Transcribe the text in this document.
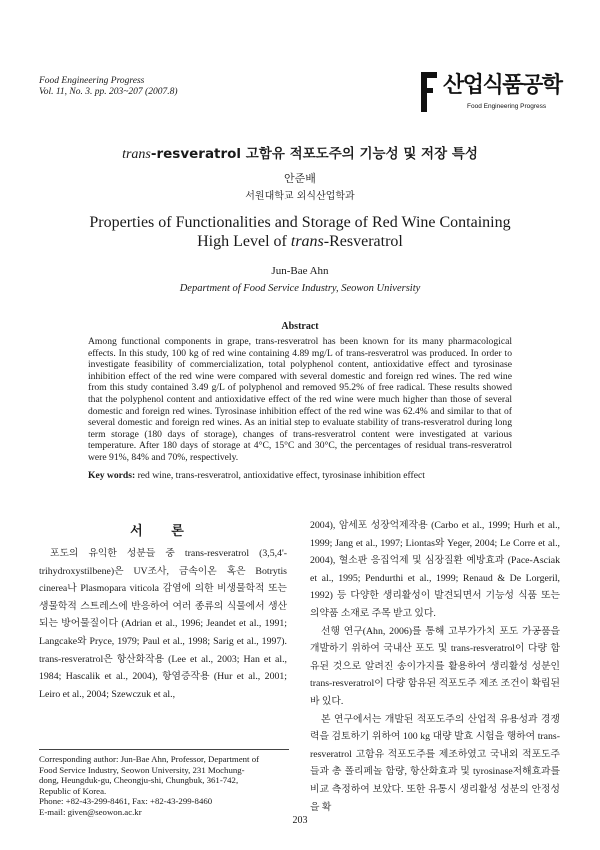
Food Engineering Progress
Vol. 11, No. 3. pp. 203~207 (2007.8)	산업식품공학
Food Engineering Progress
trans-resveratrol 고함유 적포도주의 기능성 및 저장 특성
안준배
서원대학교 외식산업학과
Properties of Functionalities and Storage of Red Wine Containing
High Level of trans-Resveratrol
Jun-Bae Ahn
Department of Food Service Industry, Seowon University
Abstract
Among functional components in grape, trans-resveratrol has been known for its many pharmacological effects. In this study, 100 kg of red wine containing 4.89 mg/L of trans-resveratrol was produced. In order to investigate feasibility of commercialization, total polyphenol content, antioxidative effect and tyrosinase inhibition effect of the red wine were compared with several domestic and foreign red wines. The red wine from this study contained 3.49 g/L of polyphenol and removed 95.2% of free radical. These results showed that the polyphenol content and antioxidative effect of the red wine were much higher than those of several domestic and foreign red wines. Tyrosinase inhibition effect of the red wine was 62.4% and similar to that of several domestic and foreign red wines. As an initial step to evaluate stability of trans-resveratrol during long term storage (180 days of storage), changes of trans-resveratrol content were investigated at various temperature. After 180 days of storage at 4°C, 15°C and 30°C, the percentages of residual trans-resveratrol were 91%, 84% and 70%, respectively.
Key words: red wine, trans-resveratrol, antioxidative effect, tyrosinase inhibition effect
서 론

포도의 유익한 성분들 중 trans-resveratrol (3,5,4'-trihydroxystilbene)은 UV조사, 금속이온 혹은 Botrytis cinerea나 Plasmopara viticola 감염에 의한 비생물학적 또는 생물학적 스트레스에 반응하여 여러 종류의 식물에서 생산되는 방어물질이다 (Adrian et al., 1996; Jeandet et al., 1991; Langcake와 Pryce, 1979; Paul et al., 1998; Sarig et al., 1997). trans-resveratrol은 항산화작용 (Lee et al., 2003; Han et al., 1984; Hascalik et al., 2004), 항염증작용 (Hur et al., 2001; Leiro et al., 2004; Szewczuk et al.,

2004), 암세포 성장억제작용 (Carbo et al., 1999; Hurh et al., 1999; Jang et al., 1997; Liontas와 Yeger, 2004; Le Corre et al., 2004), 혈소판 응집억제 및 심장질환 예방효과 (Pace-Asciak et al., 1995; Pendurthi et al., 1999; Renaud & De Lorgeril, 1992) 등 다양한 생리활성이 발견되면서 기능성 식품 또는 의약품 소재로 주목 받고 있다.

선행 연구(Ahn, 2006)를 통해 고부가가치 포도 가공품을 개발하기 위하여 국내산 포도 및 trans-resveratrol이 다량 함유된 것으로 알려진 송이가지를 활용하여 생리활성 성분인 trans-resveratrol이 다량 함유된 적포도주 제조 조건이 확립된 바 있다.

본 연구에서는 개발된 적포도주의 산업적 유용성과 경쟁력을 검토하기 위하여 100 kg 대량 발효 시험을 행하여 trans-resveratrol 고함유 적포도주를 제조하였고 국내외 적포도주들과 총 폴리페놀 함량, 항산화효과 및 tyrosinase저해효과를 비교 측정하여 보았다. 또한 유통시 생리활성 성분의 안정성을 확

Corresponding author: Jun-Bae Ahn, Professor, Department of
Food Service Industry, Seowon University, 231 Mochung-
dong, Heungduk-gu, Cheongju-shi, Chungbuk, 361-742,
Republic of Korea.
Phone: +82-43-299-8461, Fax: +82-43-299-8460
E-mail: given@seowon.ac.kr
203
